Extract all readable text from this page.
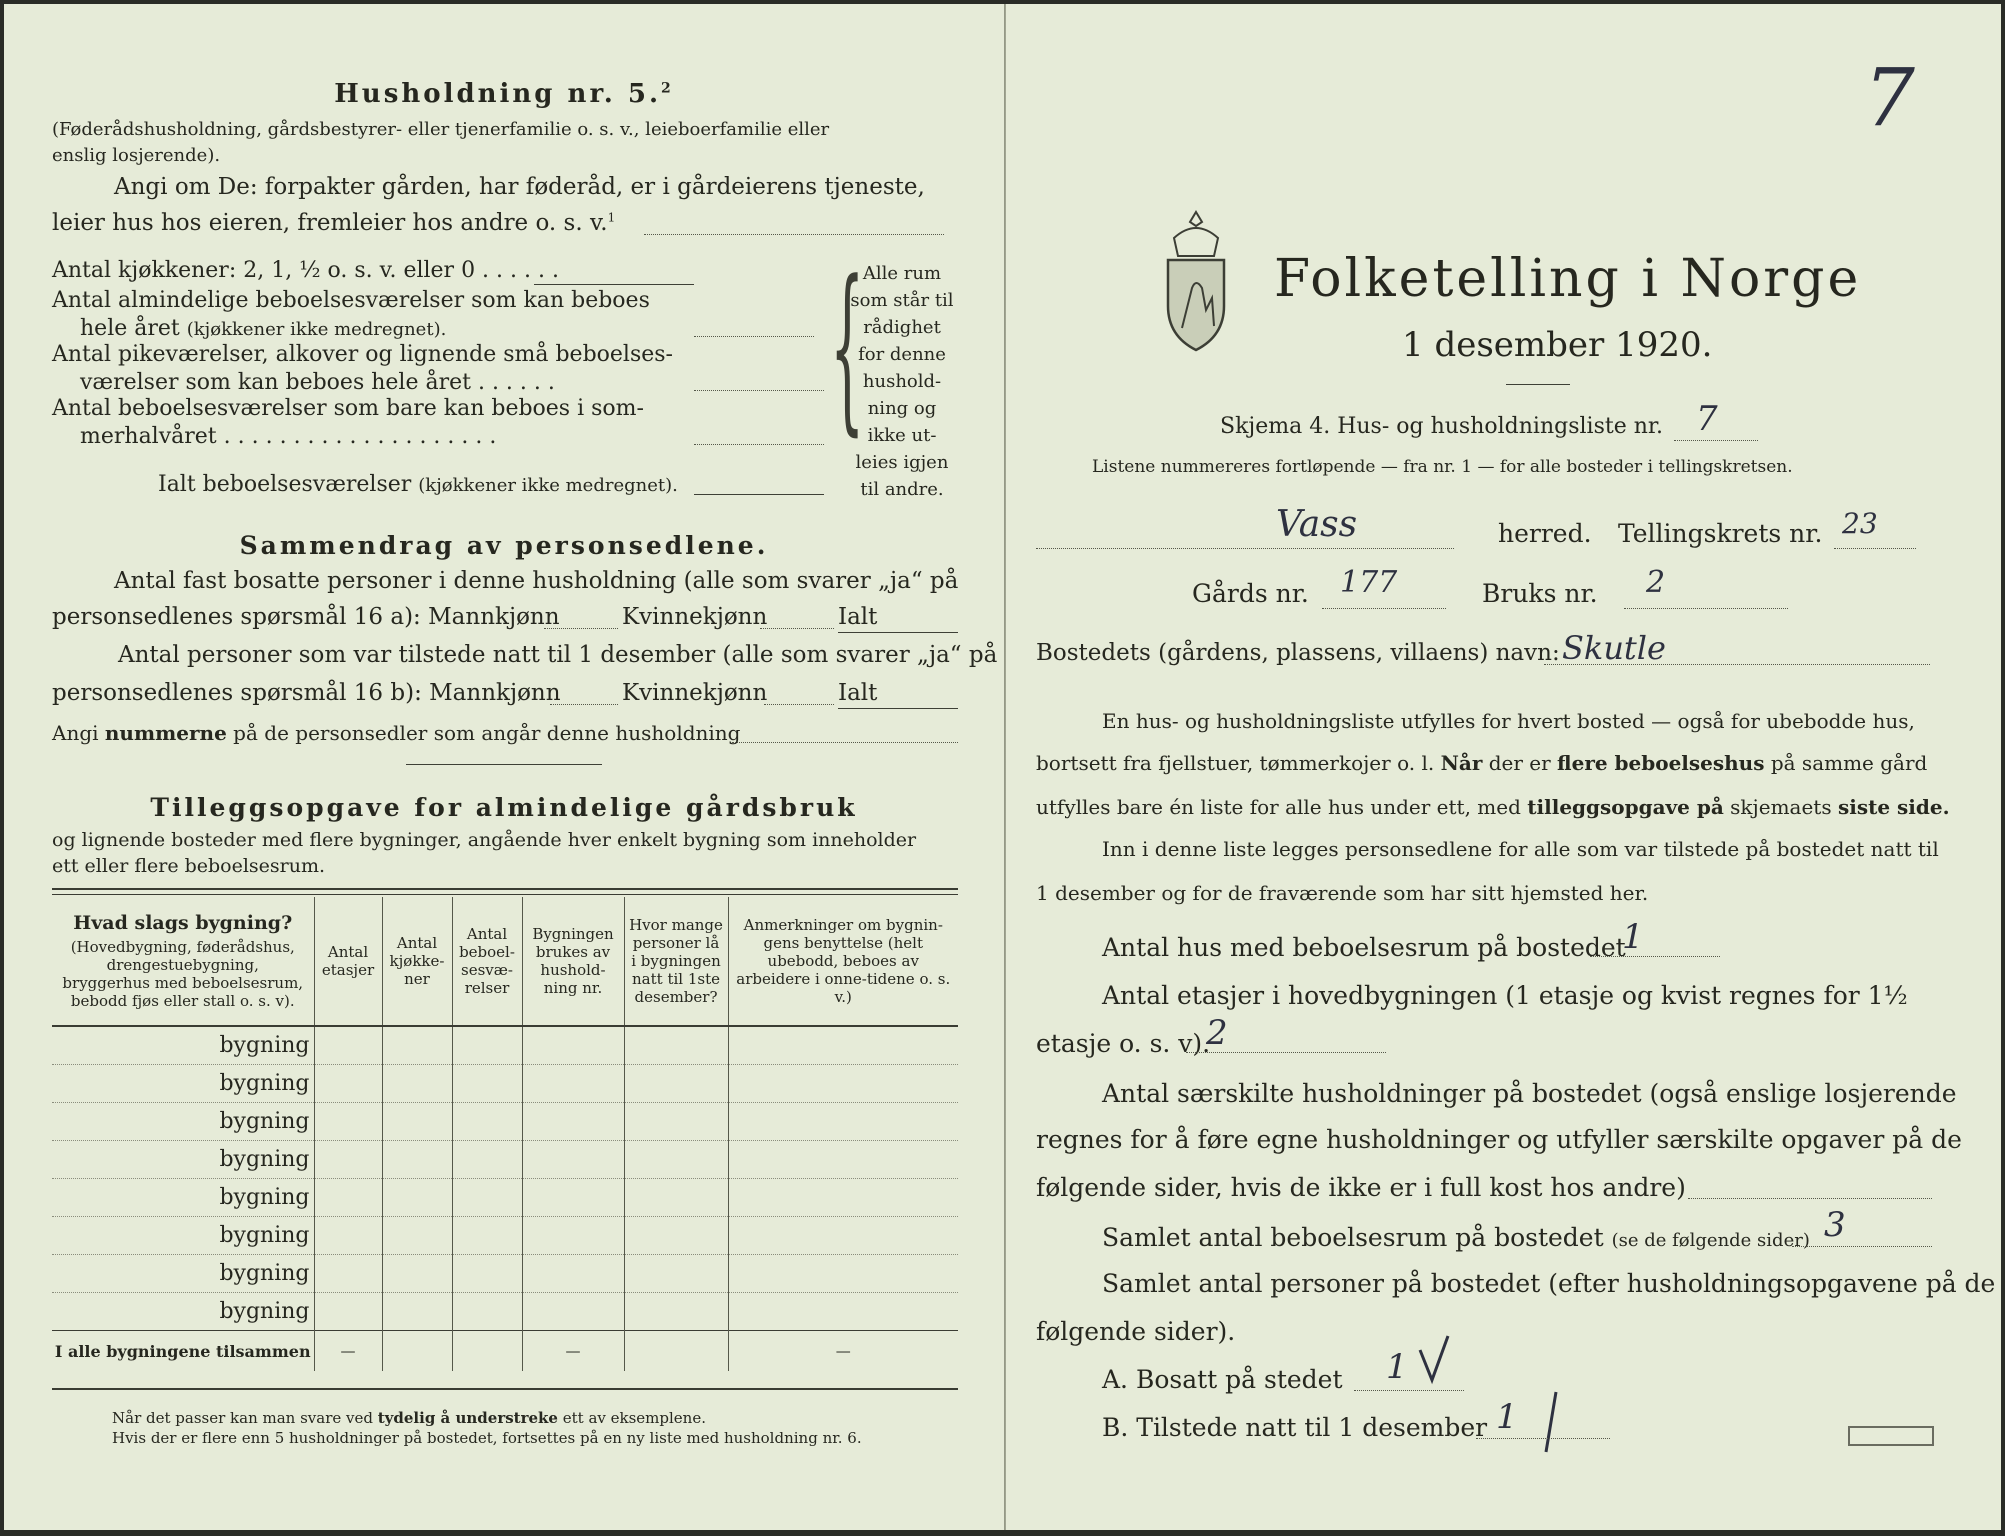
Husholdning nr. 5.$^2$
(Føderådshusholdning, gårdsbestyrer- eller tjenerfamilie o. s. v., leieboerfamilie eller
enslig losjerende).
Angi om De: forpakter gården, har føderåd, er i gårdeierens tjeneste,
leier hus hos eieren, fremleier hos andre o. s. v.$^1$
Antal kjøkkener: 2, 1, ½ o. s. v. eller 0 . . . . . .
Antal almindelige beboelsesværelser som kan beboes
hele året (kjøkkener ikke medregnet).
Antal pikeværelser, alkover og lignende små beboelses-
værelser som kan beboes hele året . . . . . .
Antal beboelsesværelser som bare kan beboes i som-
merhalvåret . . . . . . . . . . . . . . . . . . . .
Ialt beboelsesværelser (kjøkkener ikke medregnet).
{
Alle rum
som står til
rådighet
for denne
hushold-
ning og
ikke ut-
leies igjen
til andre.
Sammendrag av personsedlene.
Antal fast bosatte personer i denne husholdning (alle som svarer „ja“ på
personsedlenes spørsmål 16 a): Mannkjønn	Kvinnekjønn	Ialt
Antal personer som var tilstede natt til 1 desember (alle som svarer „ja“ på
personsedlenes spørsmål 16 b): Mannkjønn	Kvinnekjønn	Ialt
Angi nummerne på de personsedler som angår denne husholdning
Tilleggsopgave for almindelige gårdsbruk
og lignende bosteder med flere bygninger, angående hver enkelt bygning som inneholder
ett eller flere beboelsesrum.
Hvad slags bygning?
(Hovedbygning, føderådshus, drengestuebygning, bryggerhus med beboelsesrum, bebodd fjøs eller stall o. s. v).	Antal etasjer	Antal kjøkke-ner	Antal beboel-sesvæ-relser	Bygningen brukes av hushold-ning nr.	Hvor mange personer lå i bygningen natt til 1ste desember?	Anmerkninger om bygnin-gens benyttelse (helt ubebodd, beboes av arbeidere i onne-tidene o. s. v.)
bygning						
bygning						
bygning						
bygning						
bygning						
bygning						
bygning						
bygning						
I alle bygningene tilsammen	—			—		—
Når det passer kan man svare ved tydelig å understreke ett av eksemplene.
Hvis der er flere enn 5 husholdninger på bostedet, fortsettes på en ny liste med husholdning nr. 6.
7
Folketelling i Norge
1 desember 1920.
Skjema 4. Hus- og husholdningsliste nr. 7
Listene nummereres fortløpende — fra nr. 1 — for alle bosteder i tellingskretsen.
Vass	herred. Tellingskrets nr. 23
Gårds nr. 177	Bruks nr. 2
Bostedets (gårdens, plassens, villaens) navn: Skutle
En hus- og husholdningsliste utfylles for hvert bosted — også for ubebodde hus,
bortsett fra fjellstuer, tømmerkojer o. l. Når der er flere beboelseshus på samme gård
utfylles bare én liste for alle hus under ett, med tilleggsopgave på skjemaets siste side.
Inn i denne liste legges personsedlene for alle som var tilstede på bostedet natt til
1 desember og for de fraværende som har sitt hjemsted her.
Antal hus med beboelsesrum på bostedet
1
Antal etasjer i hovedbygningen (1 etasje og kvist regnes for 1½
etasje o. s. v).
2
Antal særskilte husholdninger på bostedet (også enslige losjerende
regnes for å føre egne husholdninger og utfyller særskilte opgaver på de
følgende sider, hvis de ikke er i full kost hos andre)
Samlet antal beboelsesrum på bostedet (se de følgende sider) 3
Samlet antal personer på bostedet (efter husholdningsopgavene på de
følgende sider).
A. Bosatt på stedet 1
B. Tilstede natt til 1 desember 1
